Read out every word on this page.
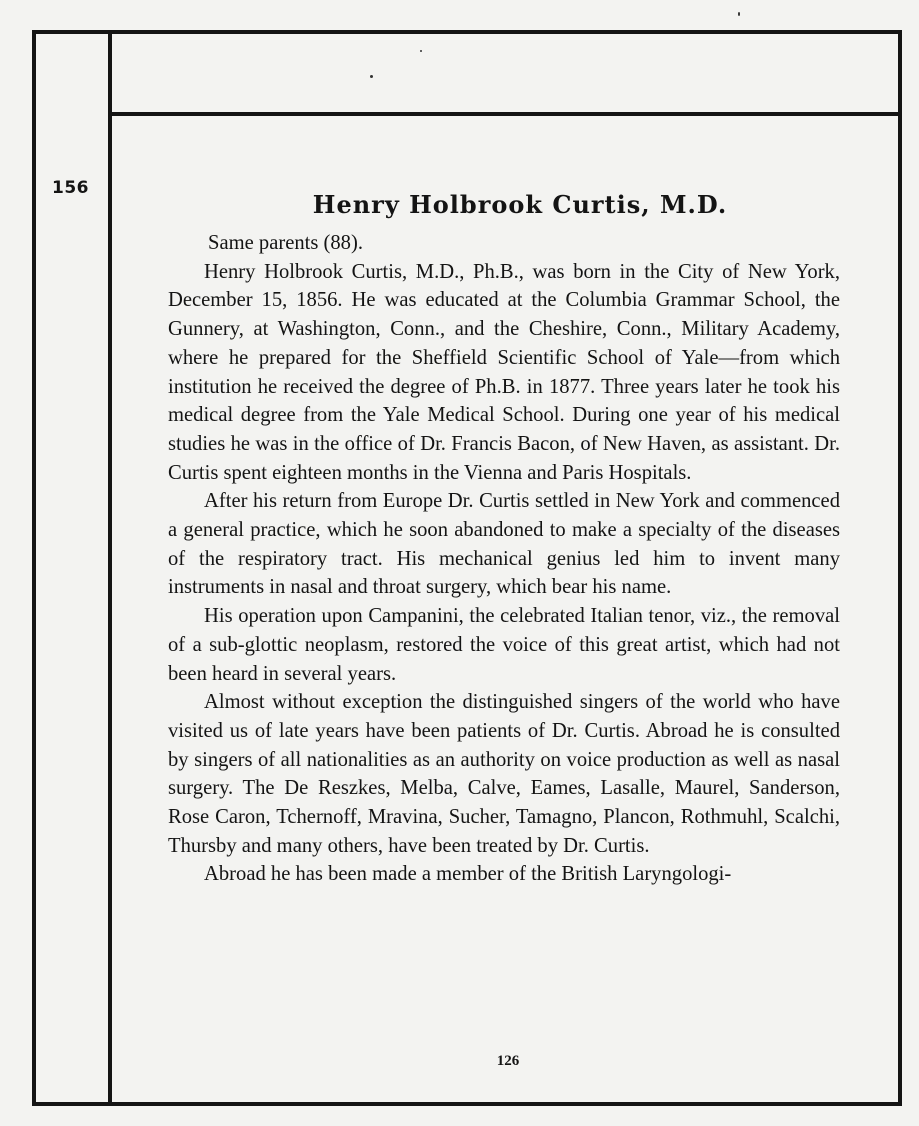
156
Henry Holbrook Curtis, M.D.

Same parents (88).

Henry Holbrook Curtis, M.D., Ph.B., was born in the City of New York, December 15, 1856. He was educated at the Columbia Grammar School, the Gunnery, at Washington, Conn., and the Cheshire, Conn., Military Academy, where he prepared for the Sheffield Scientific School of Yale—from which institution he received the degree of Ph.B. in 1877. Three years later he took his medical degree from the Yale Medical School. During one year of his medical studies he was in the office of Dr. Francis Bacon, of New Haven, as assistant. Dr. Curtis spent eighteen months in the Vienna and Paris Hospitals.

After his return from Europe Dr. Curtis settled in New York and commenced a general practice, which he soon abandoned to make a specialty of the diseases of the respiratory tract. His mechanical genius led him to invent many instruments in nasal and throat surgery, which bear his name.

His operation upon Campanini, the celebrated Italian tenor, viz., the removal of a sub-glottic neoplasm, restored the voice of this great artist, which had not been heard in several years.

Almost without exception the distinguished singers of the world who have visited us of late years have been patients of Dr. Curtis. Abroad he is consulted by singers of all nationalities as an authority on voice production as well as nasal surgery. The De Reszkes, Melba, Calve, Eames, Lasalle, Maurel, Sanderson, Rose Caron, Tchernoff, Mravina, Sucher, Tamagno, Plancon, Rothmuhl, Scalchi, Thursby and many others, have been treated by Dr. Curtis.

Abroad he has been made a member of the British Laryngologi-

126
